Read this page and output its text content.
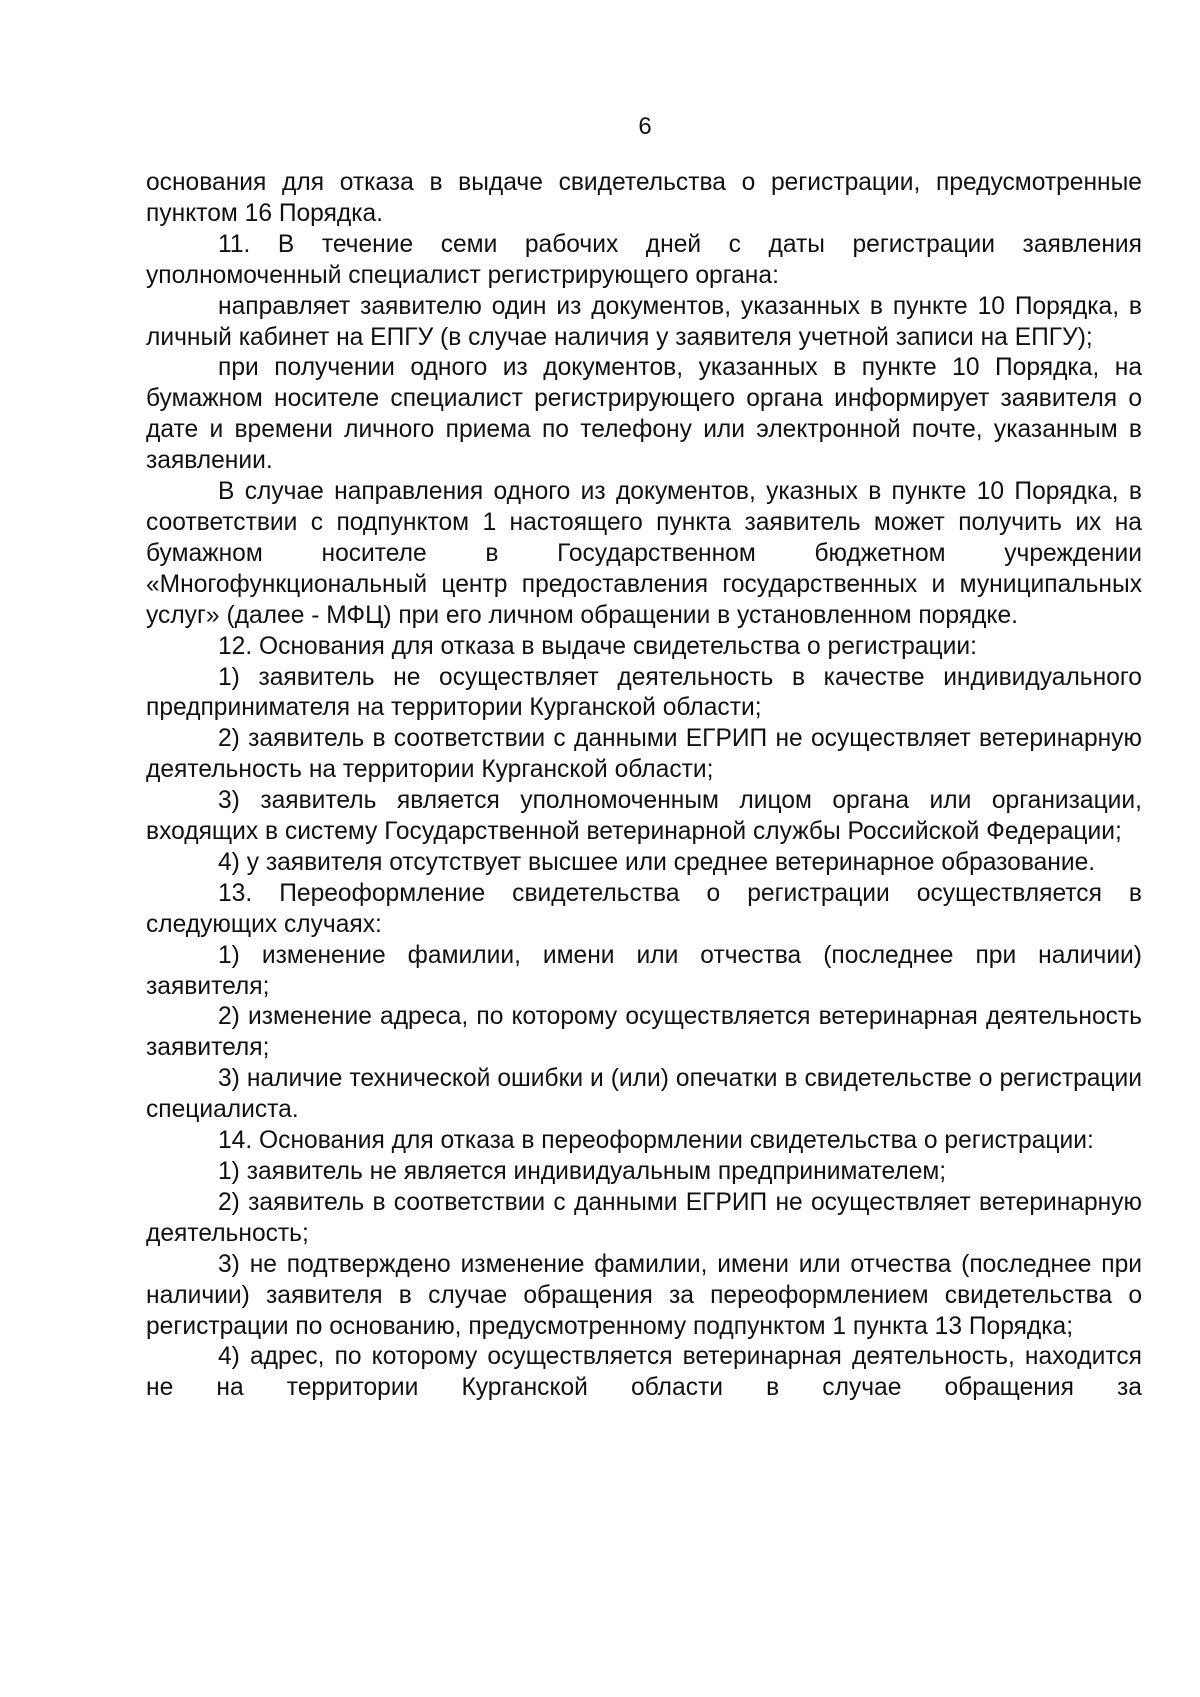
6

основания для отказа в выдаче свидетельства о регистрации, предусмотренные пунктом 16 Порядка.

11. В течение семи рабочих дней с даты регистрации заявления уполномоченный специалист регистрирующего органа:

направляет заявителю один из документов, указанных в пункте 10 Порядка, в личный кабинет на ЕПГУ (в случае наличия у заявителя учетной записи на ЕПГУ);

при получении одного из документов, указанных в пункте 10 Порядка, на бумажном носителе специалист регистрирующего органа информирует заявителя о дате и времени личного приема по телефону или электронной почте, указанным в заявлении.

В случае направления одного из документов, указных в пункте 10 Порядка, в соответствии с подпунктом 1 настоящего пункта заявитель может получить их на бумажном носителе в Государственном бюджетном учреждении «Многофункциональный центр предоставления государственных и муниципальных услуг» (далее - МФЦ) при его личном обращении в установленном порядке.

12. Основания для отказа в выдаче свидетельства о регистрации:

1) заявитель не осуществляет деятельность в качестве индивидуального предпринимателя на территории Курганской области;

2) заявитель в соответствии с данными ЕГРИП не осуществляет ветеринарную деятельность на территории Курганской области;

3) заявитель является уполномоченным лицом органа или организации, входящих в систему Государственной ветеринарной службы Российской Федерации;

4) у заявителя отсутствует высшее или среднее ветеринарное образование.

13. Переоформление свидетельства о регистрации осуществляется в следующих случаях:

1) изменение фамилии, имени или отчества (последнее при наличии) заявителя;

2) изменение адреса, по которому осуществляется ветеринарная деятельность заявителя;

3) наличие технической ошибки и (или) опечатки в свидетельстве о регистрации специалиста.

14. Основания для отказа в переоформлении свидетельства о регистрации:

1) заявитель не является индивидуальным предпринимателем;

2) заявитель в соответствии с данными ЕГРИП не осуществляет ветеринарную деятельность;

3) не подтверждено изменение фамилии, имени или отчества (последнее при наличии) заявителя в случае обращения за переоформлением свидетельства о регистрации по основанию, предусмотренному подпунктом 1 пункта 13 Порядка;

4) адрес, по которому осуществляется ветеринарная деятельность, находится не на территории Курганской области в случае обращения за
